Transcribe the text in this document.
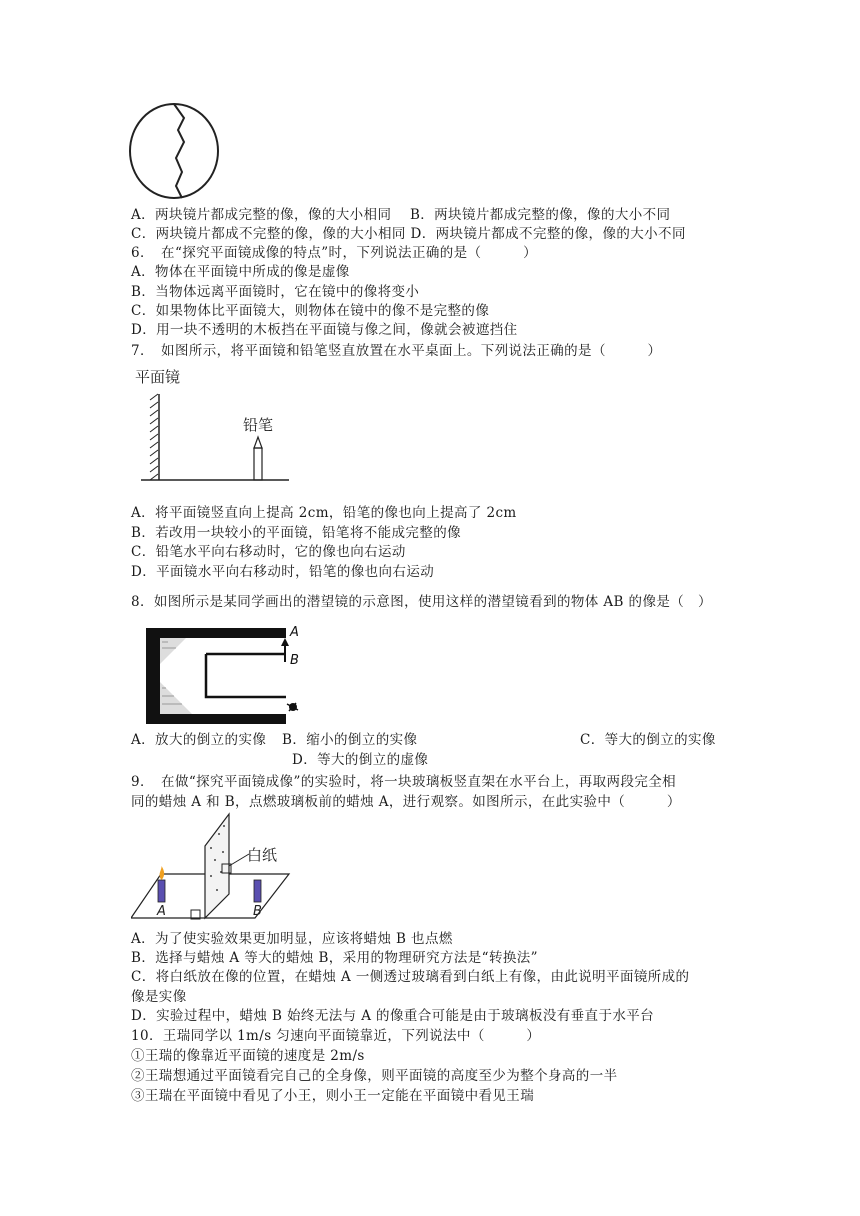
A．两块镜片都成完整的像，像的大小相同　 B．两块镜片都成完整的像，像的大小不同
C．两块镜片都成不完整的像，像的大小相同 D．两块镜片都成不完整的像，像的大小不同
6．　在“探究平面镜成像的特点”时，下列说法正确的是（　　　）
A．物体在平面镜中所成的像是虚像
B．当物体远离平面镜时，它在镜中的像将变小
C．如果物体比平面镜大，则物体在镜中的像不是完整的像
D．用一块不透明的木板挡在平面镜与像之间，像就会被遮挡住
7．　如图所示，将平面镜和铅笔竖直放置在水平桌面上。下列说法正确的是（　　　）
平面镜
铅笔
A．将平面镜竖直向上提高 2cm，铅笔的像也向上提高了 2cm
B．若改用一块较小的平面镜，铅笔将不能成完整的像
C．铅笔水平向右移动时，它的像也向右运动
D．平面镜水平向右移动时，铅笔的像也向右运动
8．如图所示是某同学画出的潜望镜的示意图，使用这样的潜望镜看到的物体 AB 的像是（　）
A
B
A．放大的倒立的实像 B．缩小的倒立的实像	C．等大的倒立的实像
D．等大的倒立的虚像
9．　在做“探究平面镜成像”的实验时，将一块玻璃板竖直架在水平台上，再取两段完全相
同的蜡烛 A 和 B，点燃玻璃板前的蜡烛 A，进行观察。如图所示，在此实验中（　　　）
白纸
A	B
A．为了使实验效果更加明显，应该将蜡烛 B 也点燃
B．选择与蜡烛 A 等大的蜡烛 B，采用的物理研究方法是“转换法”
C．将白纸放在像的位置，在蜡烛 A 一侧透过玻璃看到白纸上有像，由此说明平面镜所成的
像是实像
D．实验过程中，蜡烛 B 始终无法与 A 的像重合可能是由于玻璃板没有垂直于水平台
10．王瑞同学以 1m/s 匀速向平面镜靠近，下列说法中（　　　）
①王瑞的像靠近平面镜的速度是 2m/s
②王瑞想通过平面镜看完自己的全身像，则平面镜的高度至少为整个身高的一半
③王瑞在平面镜中看见了小王，则小王一定能在平面镜中看见王瑞
